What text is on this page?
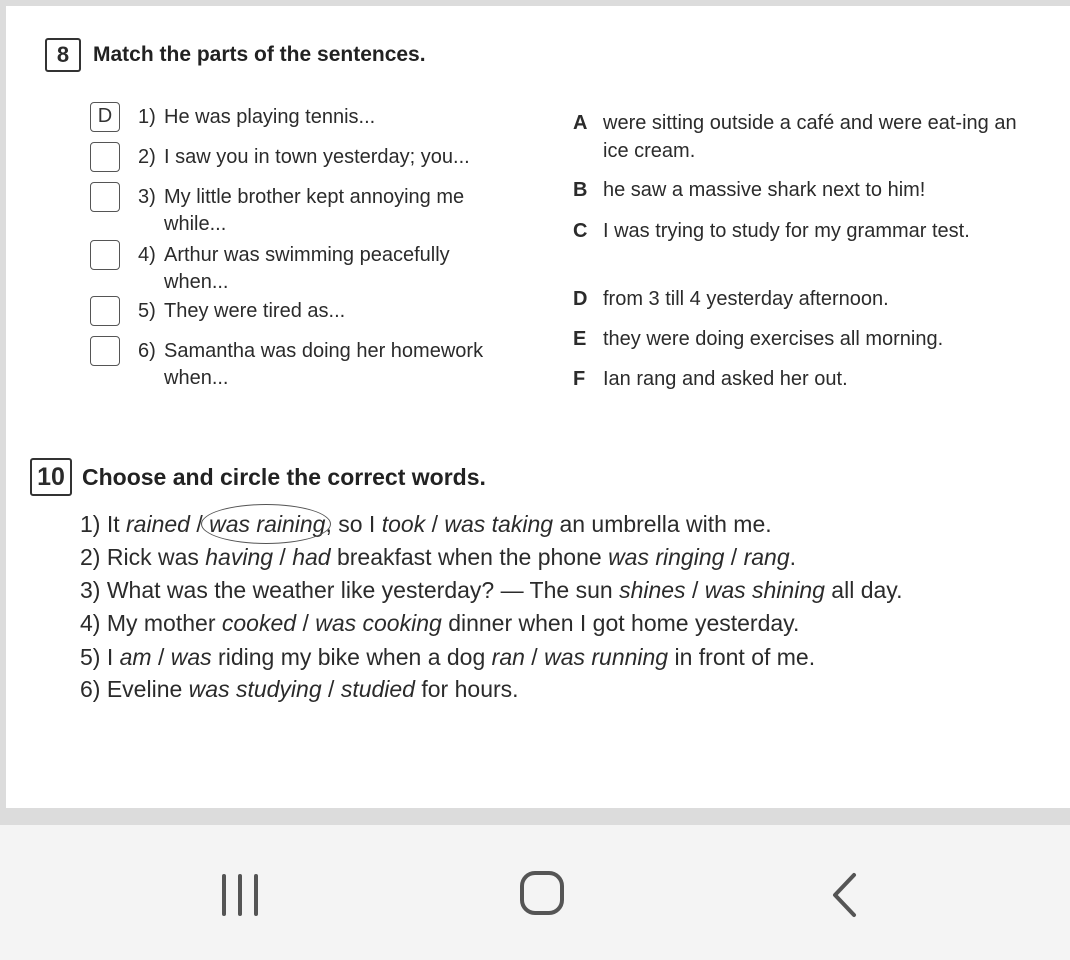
8	Match the parts of the sentences.
D	1) He was playing tennis...
2) I saw you in town yesterday; you...
3) My little brother kept annoying me while...
4) Arthur was swimming peacefully when...
5) They were tired as...
6) Samantha was doing her homework when...
A were sitting outside a café and were eat-ing an ice cream.
B he saw a massive shark next to him!
C I was trying to study for my grammar test.
D from 3 till 4 yesterday afternoon.
E they were doing exercises all morning.
F Ian rang and asked her out.
10 Choose and circle the correct words.
1) It rained / was raining
, so I took / was taking an umbrella with me.
2) Rick was having / had breakfast when the phone was ringing / rang.
3) What was the weather like yesterday? — The sun shines / was shining all day.
4) My mother cooked / was cooking dinner when I got home yesterday.
5) I am / was riding my bike when a dog ran / was running in front of me.
6) Eveline was studying / studied for hours.
